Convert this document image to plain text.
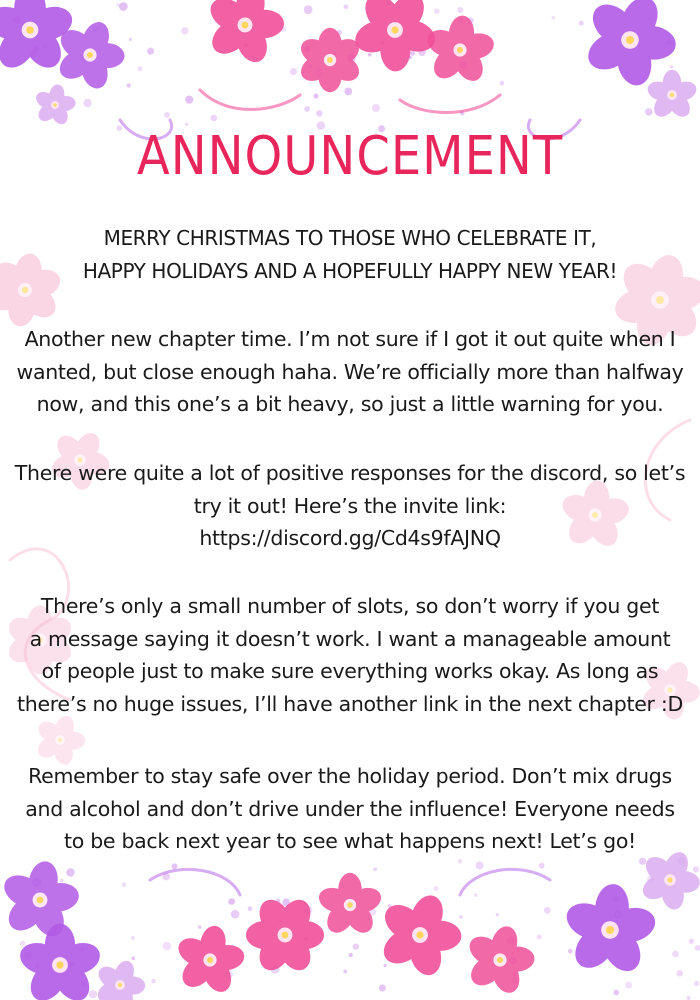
ANNOUNCEMENT
MERRY CHRISTMAS TO THOSE WHO CELEBRATE IT,
HAPPY HOLIDAYS AND A HOPEFULLY HAPPY NEW YEAR!
Another new chapter time. I’m not sure if I got it out quite when I
wanted, but close enough haha. We’re officially more than halfway
now, and this one’s a bit heavy, so just a little warning for you.
There were quite a lot of positive responses for the discord, so let’s
try it out! Here’s the invite link:
https://discord.gg/Cd4s9fAJNQ
There’s only a small number of slots, so don’t worry if you get
a message saying it doesn’t work. I want a manageable amount
of people just to make sure everything works okay. As long as
there’s no huge issues, I’ll have another link in the next chapter :D
Remember to stay safe over the holiday period. Don’t mix drugs
and alcohol and don’t drive under the influence! Everyone needs
to be back next year to see what happens next! Let’s go!
